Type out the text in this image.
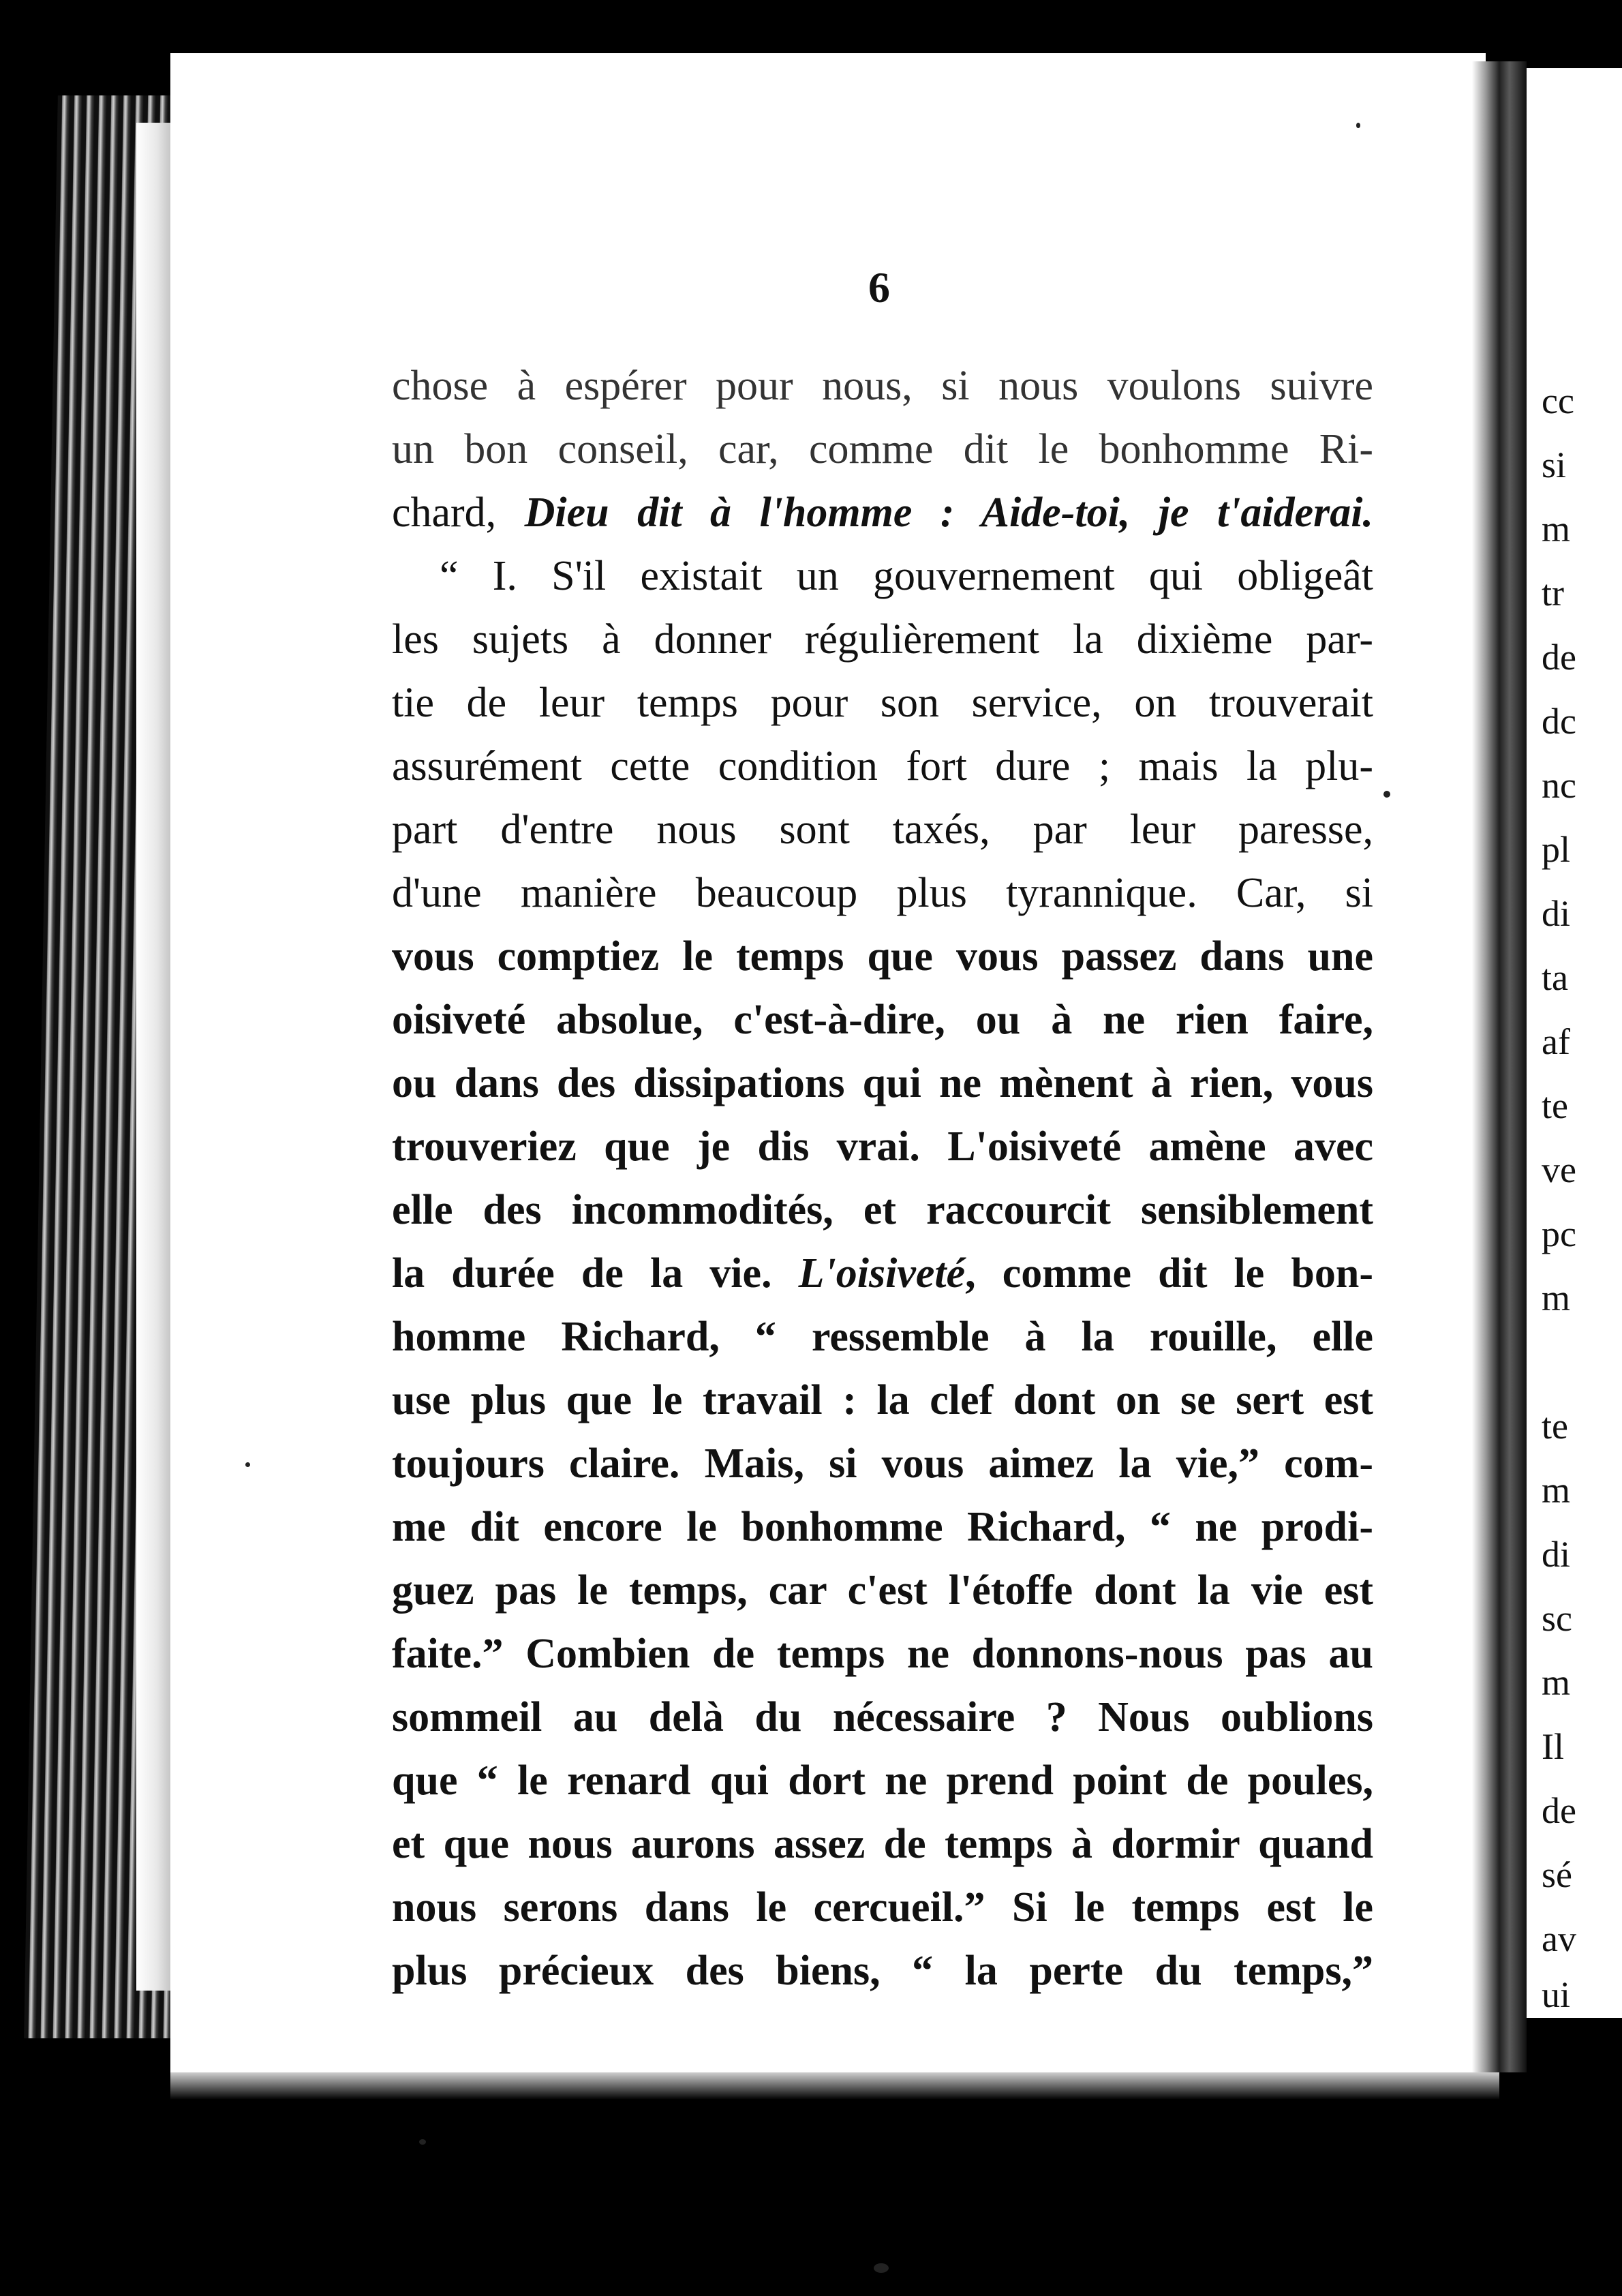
cc
si
m
tr
de
dc
nc
pl
di
ta
af
te
ve
pc
m
te
m
di
sc
m
Il
de
sé
av
ui
6
chose à espérer pour nous, si nous voulons suivre
un bon conseil, car, comme dit le bonhomme Ri-
chard, Dieu dit à l'homme : Aide-toi, je t'aiderai.
“ I. S'il existait un gouvernement qui obligeât
les sujets à donner régulièrement la dixième par-
tie de leur temps pour son service, on trouverait
assurément cette condition fort dure ; mais la plu-
part d'entre nous sont taxés, par leur paresse,
d'une manière beaucoup plus tyrannique. Car, si
vous comptiez le temps que vous passez dans une
oisiveté absolue, c'est-à-dire, ou à ne rien faire,
ou dans des dissipations qui ne mènent à rien, vous
trouveriez que je dis vrai. L'oisiveté amène avec
elle des incommodités, et raccourcit sensiblement
la durée de la vie. L'oisiveté, comme dit le bon-
homme Richard, “ ressemble à la rouille, elle
use plus que le travail : la clef dont on se sert est
toujours claire. Mais, si vous aimez la vie,” com-
me dit encore le bonhomme Richard, “ ne prodi-
guez pas le temps, car c'est l'étoffe dont la vie est
faite.” Combien de temps ne donnons-nous pas au
sommeil au delà du nécessaire ? Nous oublions
que “ le renard qui dort ne prend point de poules,
et que nous aurons assez de temps à dormir quand
nous serons dans le cercueil.” Si le temps est le
plus précieux des biens, “ la perte du temps,”
